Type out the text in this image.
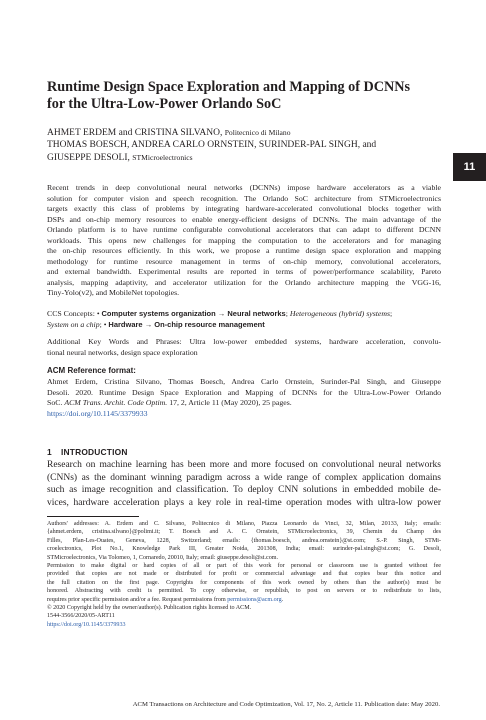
Runtime Design Space Exploration and Mapping of DCNNs
for the Ultra-Low-Power Orlando SoC
AHMET ERDEM and CRISTINA SILVANO, Politecnico di Milano
THOMAS BOESCH, ANDREA CARLO ORNSTEIN, SURINDER-PAL SINGH, and
GIUSEPPE DESOLI, STMicroelectronics
Recent trends in deep convolutional neural networks (DCNNs) impose hardware accelerators as a viable
solution for computer vision and speech recognition. The Orlando SoC architecture from STMicroelectronics
targets exactly this class of problems by integrating hardware-accelerated convolutional blocks together with
DSPs and on-chip memory resources to enable energy-efficient designs of DCNNs. The main advantage of the
Orlando platform is to have runtime configurable convolutional accelerators that can adapt to different DCNN
workloads. This opens new challenges for mapping the computation to the accelerators and for managing
the on-chip resources efficiently. In this work, we propose a runtime design space exploration and mapping
methodology for runtime resource management in terms of on-chip memory, convolutional accelerators,
and external bandwidth. Experimental results are reported in terms of power/performance scalability, Pareto
analysis, mapping adaptivity, and accelerator utilization for the Orlando architecture mapping the VGG-16,
Tiny-Yolo(v2), and MobileNet topologies.
CCS Concepts: • Computer systems organization → Neural networks; Heterogeneous (hybrid) systems;
System on a chip; • Hardware → On-chip resource management
Additional Key Words and Phrases: Ultra low-power embedded systems, hardware acceleration, convolu-
tional neural networks, design space exploration
ACM Reference format:
Ahmet Erdem, Cristina Silvano, Thomas Boesch, Andrea Carlo Ornstein, Surinder-Pal Singh, and Giuseppe
Desoli. 2020. Runtime Design Space Exploration and Mapping of DCNNs for the Ultra-Low-Power Orlando
SoC. ACM Trans. Archit. Code Optim. 17, 2, Article 11 (May 2020), 25 pages.
https://doi.org/10.1145/3379933
1 INTRODUCTION
Research on machine learning has been more and more focused on convolutional neural networks
(CNNs) as the dominant winning paradigm across a wide range of complex application domains
such as image recognition and classification. To deploy CNN solutions in embedded mobile de-
vices, hardware acceleration plays a key role in real-time operation modes with ultra-low power
Authors' addresses: A. Erdem and C. Silvano, Politecnico di Milano, Piazza Leonardo da Vinci, 32, Milan, 20133, Italy; emails:
{ahmet.erdem, cristina.silvano}@polimi.it; T. Boesch and A. C. Ornstein, STMicroelectronics, 39, Chemin du Champ des
Filles, Plan-Les-Ouates, Geneva, 1228, Switzerland; emails: {thomas.boesch, andrea.ornstein}@st.com; S.-P. Singh, STMi-
croelectronics, Plot No.1, Knowledge Park III, Greater Noida, 201308, India; email: surinder-pal.singh@st.com; G. Desoli,
STMicroelectronics, Via Tolomeo, 1, Cornaredo, 20010, Italy; email: giuseppe.desoli@st.com.
Permission to make digital or hard copies of all or part of this work for personal or classroom use is granted without fee
provided that copies are not made or distributed for profit or commercial advantage and that copies bear this notice and
the full citation on the first page. Copyrights for components of this work owned by others than the author(s) must be
honored. Abstracting with credit is permitted. To copy otherwise, or republish, to post on servers or to redistribute to lists,
requires prior specific permission and/or a fee. Request permissions from permissions@acm.org.
© 2020 Copyright held by the owner/author(s). Publication rights licensed to ACM.
1544-3566/2020/05-ART11
https://doi.org/10.1145/3379933
11
ACM Transactions on Architecture and Code Optimization, Vol. 17, No. 2, Article 11. Publication date: May 2020.
